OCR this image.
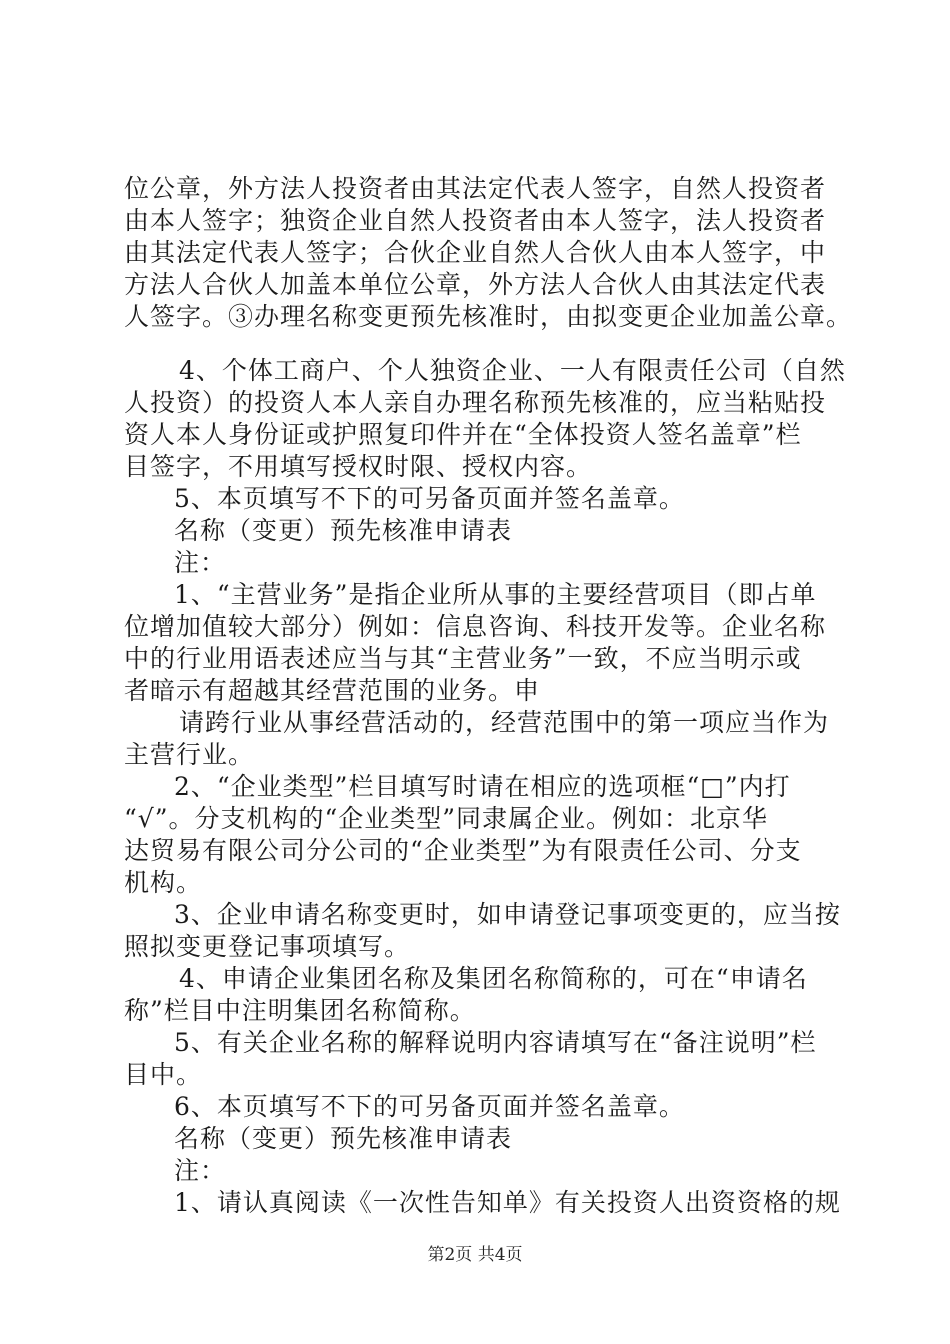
位公章，外方法人投资者由其法定代表人签字，自然人投资者
由本人签字；独资企业自然人投资者由本人签字，法人投资者
由其法定代表人签字；合伙企业自然人合伙人由本人签字，中
方法人合伙人加盖本单位公章，外方法人合伙人由其法定代表
人签字。③办理名称变更预先核准时，由拟变更企业加盖公章。
4、个体工商户、个人独资企业、一人有限责任公司（自然
人投资）的投资人本人亲自办理名称预先核准的，应当粘贴投
资人本人身份证或护照复印件并在“全体投资人签名盖章”栏
目签字，不用填写授权时限、授权内容。
5、本页填写不下的可另备页面并签名盖章。
名称（变更）预先核准申请表
注：
1、“主营业务”是指企业所从事的主要经营项目（即占单
位增加值较大部分）例如：信息咨询、科技开发等。企业名称
中的行业用语表述应当与其“主营业务”一致，不应当明示或
者暗示有超越其经营范围的业务。申
请跨行业从事经营活动的，经营范围中的第一项应当作为
主营行业。
2、“企业类型”栏目填写时请在相应的选项框“□”内打
“√”。分支机构的“企业类型”同隶属企业。例如：北京华
达贸易有限公司分公司的“企业类型”为有限责任公司、分支
机构。
3、企业申请名称变更时，如申请登记事项变更的，应当按
照拟变更登记事项填写。
4、申请企业集团名称及集团名称简称的，可在“申请名
称”栏目中注明集团名称简称。
5、有关企业名称的解释说明内容请填写在“备注说明”栏
目中。
6、本页填写不下的可另备页面并签名盖章。
名称（变更）预先核准申请表
注：
1、请认真阅读《一次性告知单》有关投资人出资资格的规
第2页 共4页
